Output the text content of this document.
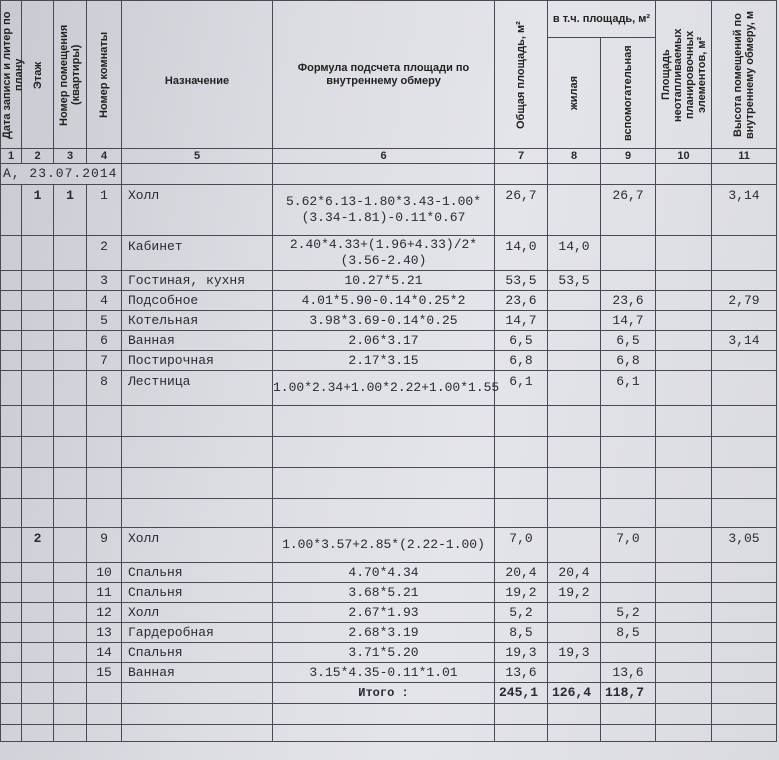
Дата записи и литер по плану	Этаж	Номер помещения (квартиры)	Номер комнаты	Назначение	Формула подсчета площади по внутреннему обмеру	Общая площадь, м²	в т.ч. площадь, м²		Площадь неотапливаемых планировочных элементов, м²	Высота помещений по внутреннему обмеру, м

							жилая	вспомогательная		

1	2	3	4	5	6	7	8	9	10	11
А, 23.07.2014										
	1	1	1	Холл	5.62*6.13-1.80*3.43-1.00*(3.34-1.81)-0.11*0.67	26,7		26,7		3,14
			2	Кабинет	2.40*4.33+(1.96+4.33)/2*(3.56-2.40)	14,0	14,0			
			3	Гостиная, кухня	10.27*5.21	53,5	53,5			
			4	Подсобное	4.01*5.90-0.14*0.25*2	23,6		23,6		2,79
			5	Котельная	3.98*3.69-0.14*0.25	14,7		14,7		
			6	Ванная	2.06*3.17	6,5		6,5		3,14
			7	Постирочная	2.17*3.15	6,8		6,8		
			8	Лестница	1.00*2.34+1.00*2.22+1.00*1.55	6,1		6,1		

	2		9	Холл	1.00*3.57+2.85*(2.22-1.00)	7,0		7,0		3,05
			10	Спальня	4.70*4.34	20,4	20,4			
			11	Спальня	3.68*5.21	19,2	19,2			
			12	Холл	2.67*1.93	5,2		5,2		
			13	Гардеробная	2.68*3.19	8,5		8,5		
			14	Спальня	3.71*5.20	19,3	19,3			
			15	Ванная	3.15*4.35-0.11*1.01	13,6		13,6		
					Итого :	245,1	126,4	118,7		
